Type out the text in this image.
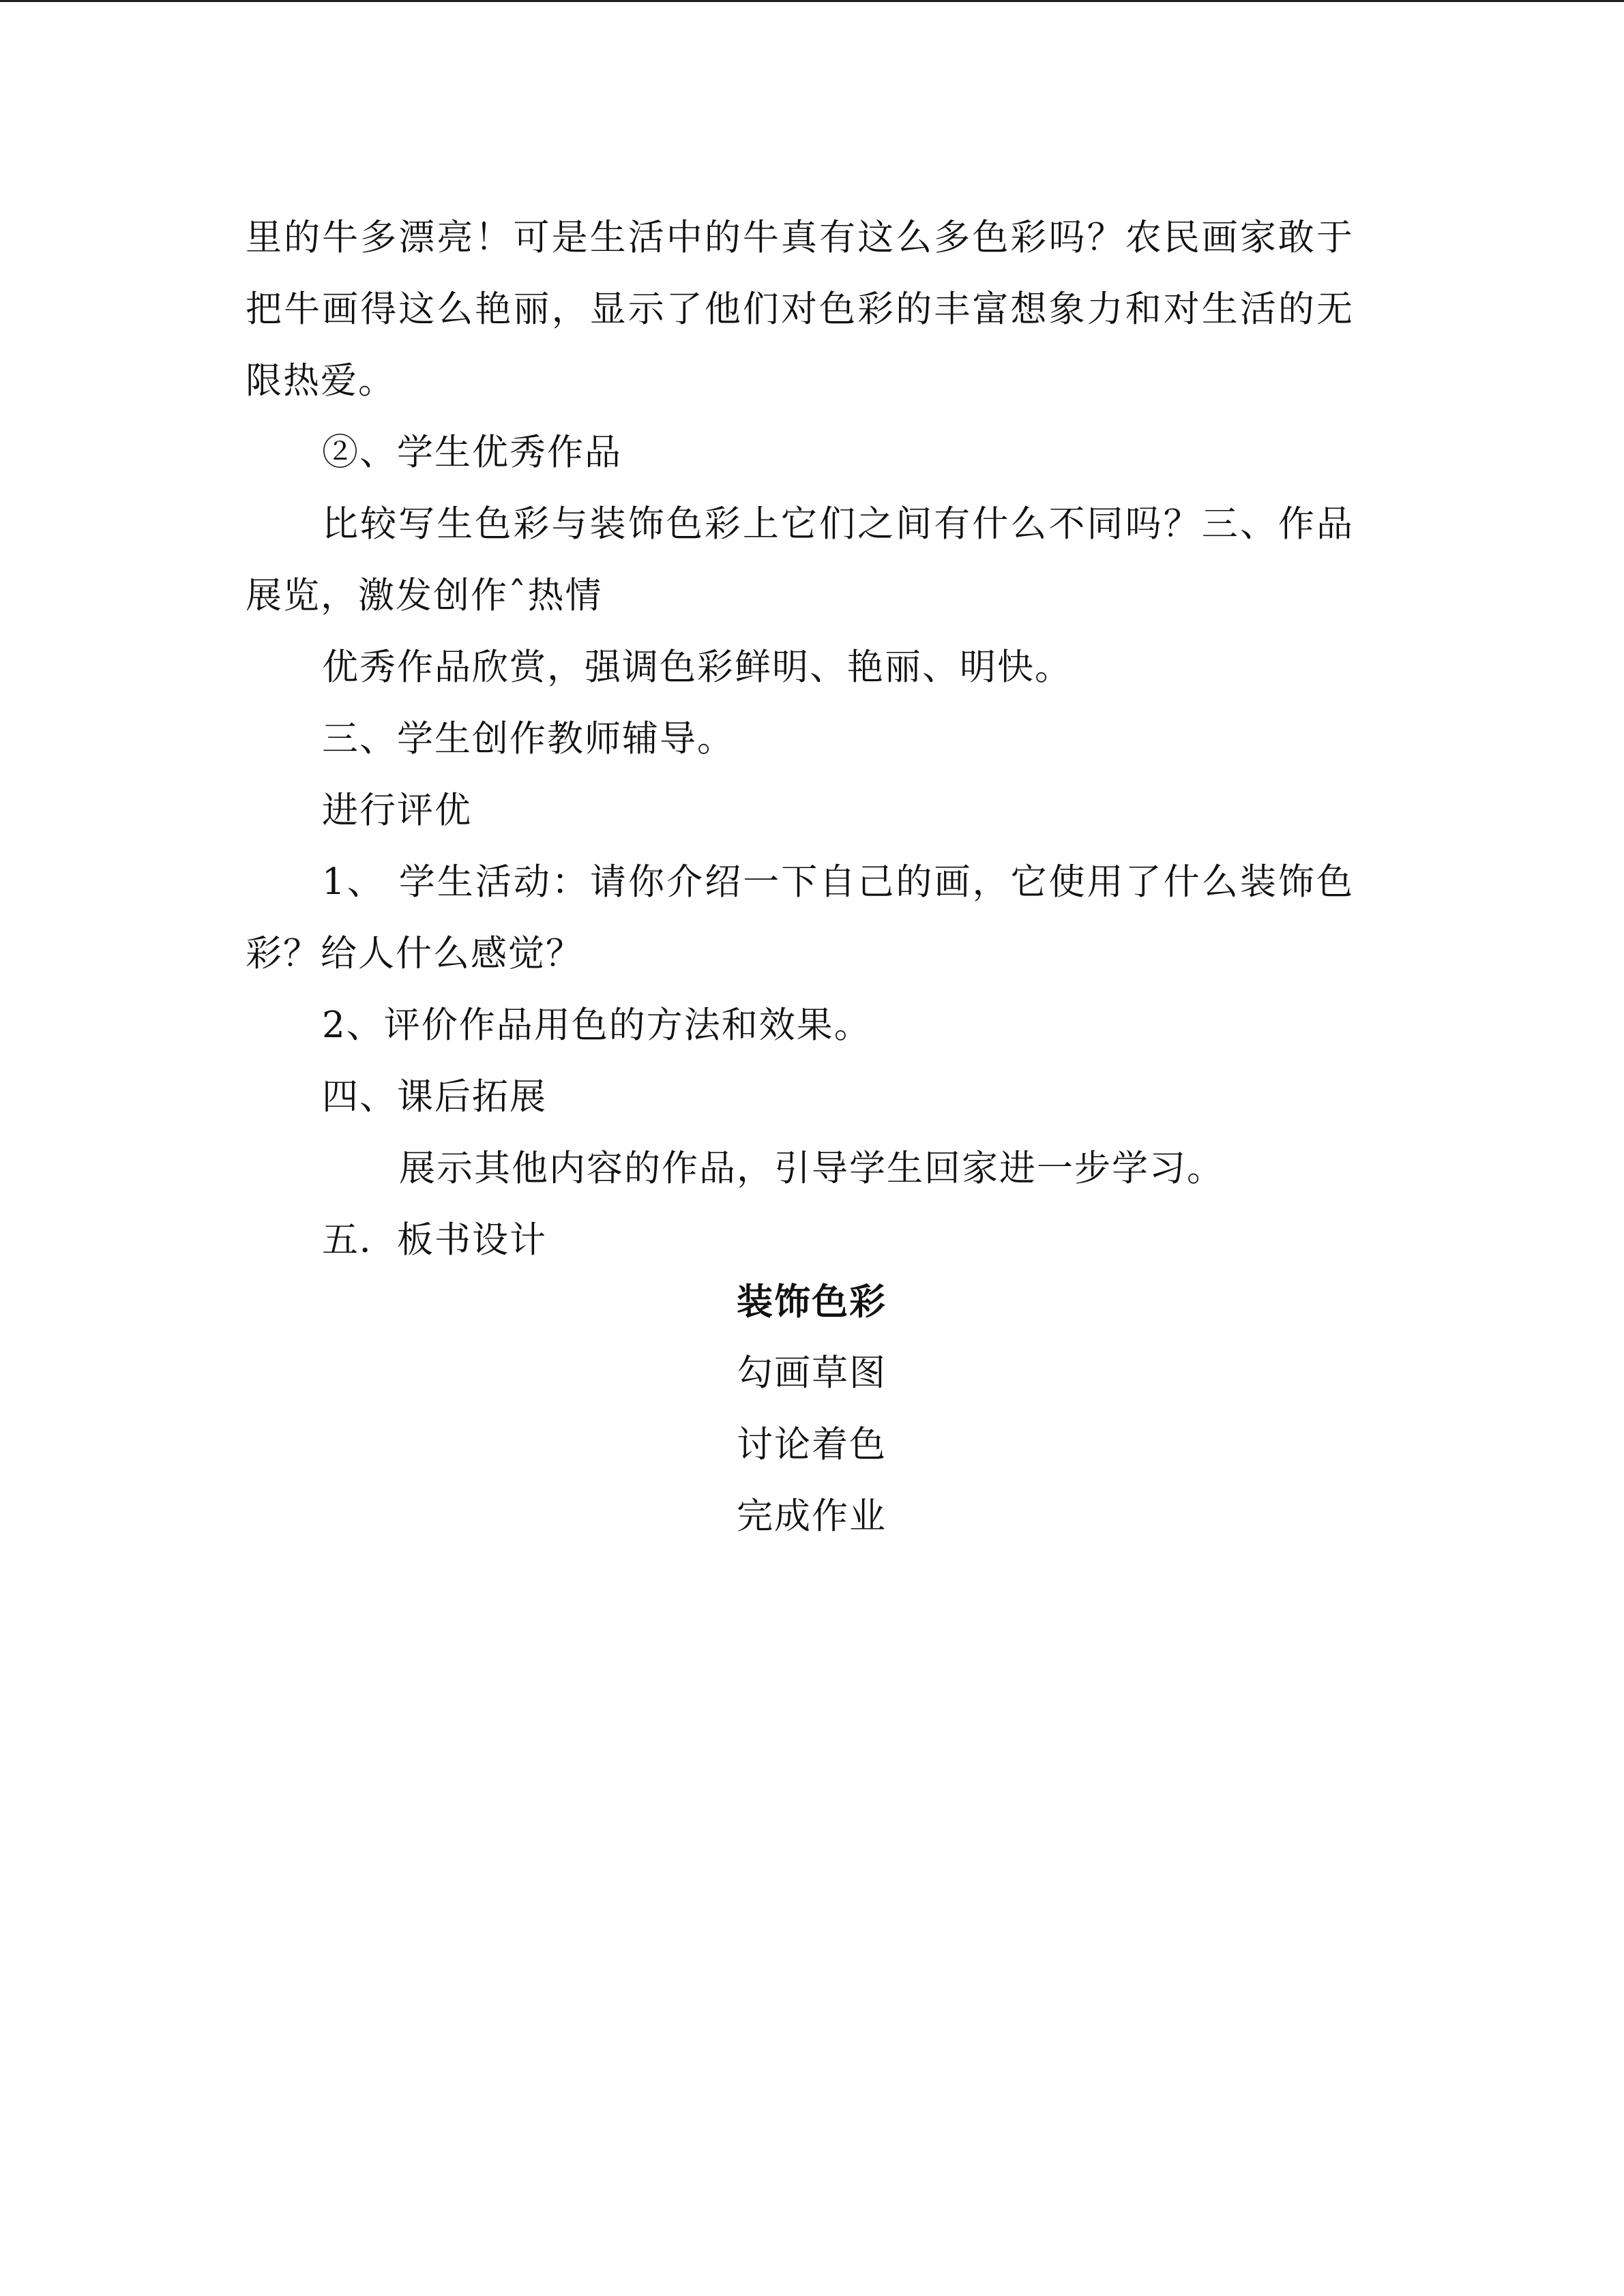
里的牛多漂亮！可是生活中的牛真有这么多色彩吗？农民画家敢于
把牛画得这么艳丽，显示了他们对色彩的丰富想象力和对生活的无
限热爱。
②、学生优秀作品
比较写生色彩与装饰色彩上它们之间有什么不同吗？三、作品
展览，激发创作ˆ热情
优秀作品欣赏，强调色彩鲜明、艳丽、明快。
三、学生创作教师辅导。
进行评优
1、 学生活动：请你介绍一下自己的画，它使用了什么装饰色
彩？给人什么感觉？
2、评价作品用色的方法和效果。
四、课后拓展
展示其他内容的作品，引导学生回家进一步学习。
五．板书设计
装饰色彩
勾画草图
讨论着色
完成作业
